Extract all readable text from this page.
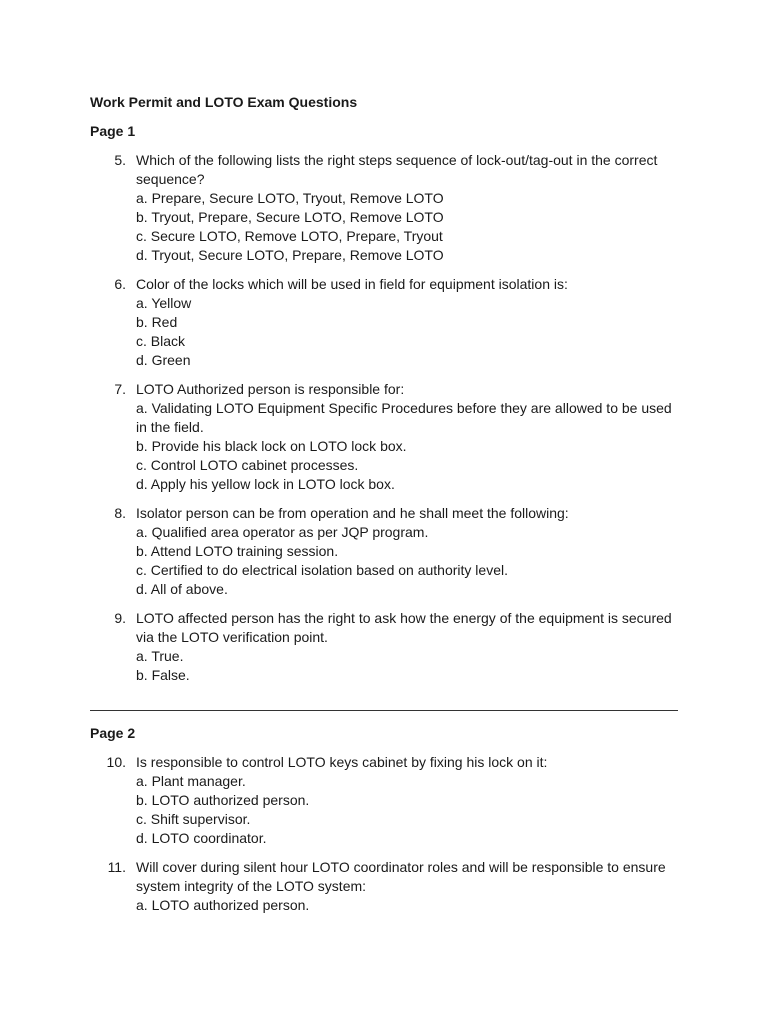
Work Permit and LOTO Exam Questions
Page 1
5. Which of the following lists the right steps sequence of lock-out/tag-out in the correct sequence?
a. Prepare, Secure LOTO, Tryout, Remove LOTO
b. Tryout, Prepare, Secure LOTO, Remove LOTO
c. Secure LOTO, Remove LOTO, Prepare, Tryout
d. Tryout, Secure LOTO, Prepare, Remove LOTO
6. Color of the locks which will be used in field for equipment isolation is:
a. Yellow
b. Red
c. Black
d. Green
7. LOTO Authorized person is responsible for:
a. Validating LOTO Equipment Specific Procedures before they are allowed to be used in the field.
b. Provide his black lock on LOTO lock box.
c. Control LOTO cabinet processes.
d. Apply his yellow lock in LOTO lock box.
8. Isolator person can be from operation and he shall meet the following:
a. Qualified area operator as per JQP program.
b. Attend LOTO training session.
c. Certified to do electrical isolation based on authority level.
d. All of above.
9. LOTO affected person has the right to ask how the energy of the equipment is secured via the LOTO verification point.
a. True.
b. False.
Page 2
10. Is responsible to control LOTO keys cabinet by fixing his lock on it:
a. Plant manager.
b. LOTO authorized person.
c. Shift supervisor.
d. LOTO coordinator.
11. Will cover during silent hour LOTO coordinator roles and will be responsible to ensure system integrity of the LOTO system:
a. LOTO authorized person.
